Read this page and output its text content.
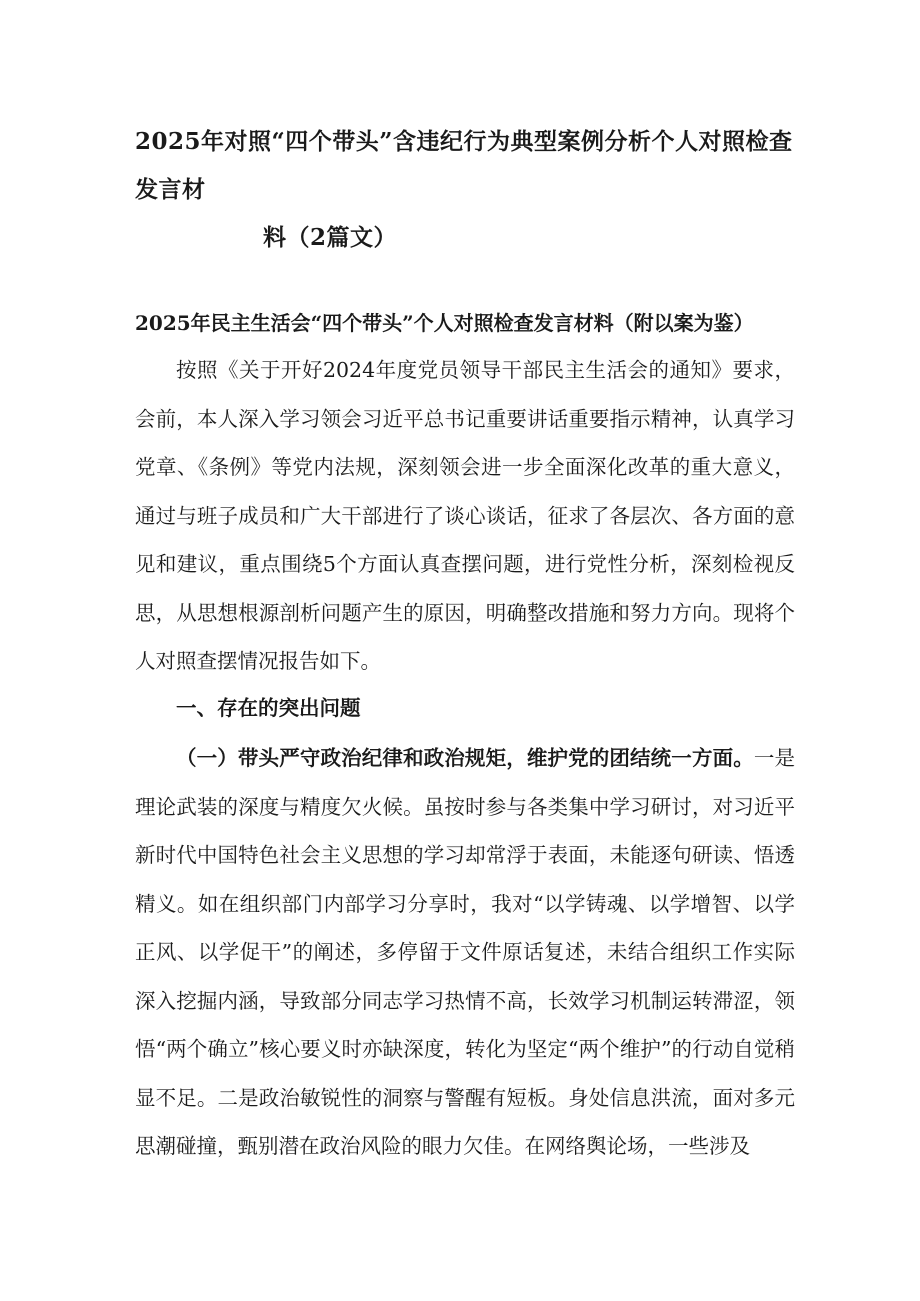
2025年对照“四个带头”含违纪行为典型案例分析个人对照检查发言材
料（2篇文）
2025年民主生活会“四个带头”个人对照检查发言材料（附以案为鉴）

按照《关于开好2024年度党员领导干部民主生活会的通知》要求，会前，本人深入学习领会习近平总书记重要讲话重要指示精神，认真学习党章、《条例》等党内法规，深刻领会进一步全面深化改革的重大意义，通过与班子成员和广大干部进行了谈心谈话，征求了各层次、各方面的意见和建议，重点围绕5个方面认真查摆问题，进行党性分析，深刻检视反思，从思想根源剖析问题产生的原因，明确整改措施和努力方向。现将个人对照查摆情况报告如下。

一、存在的突出问题

（一）带头严守政治纪律和政治规矩，维护党的团结统一方面。一是理论武装的深度与精度欠火候。虽按时参与各类集中学习研讨，对习近平新时代中国特色社会主义思想的学习却常浮于表面，未能逐句研读、悟透精义。如在组织部门内部学习分享时，我对“以学铸魂、以学增智、以学正风、以学促干”的阐述，多停留于文件原话复述，未结合组织工作实际深入挖掘内涵，导致部分同志学习热情不高，长效学习机制运转滞涩，领悟“两个确立”核心要义时亦缺深度，转化为坚定“两个维护”的行动自觉稍显不足。二是政治敏锐性的洞察与警醒有短板。身处信息洪流，面对多元思潮碰撞，甄别潜在政治风险的眼力欠佳。在网络舆论场，一些涉及
